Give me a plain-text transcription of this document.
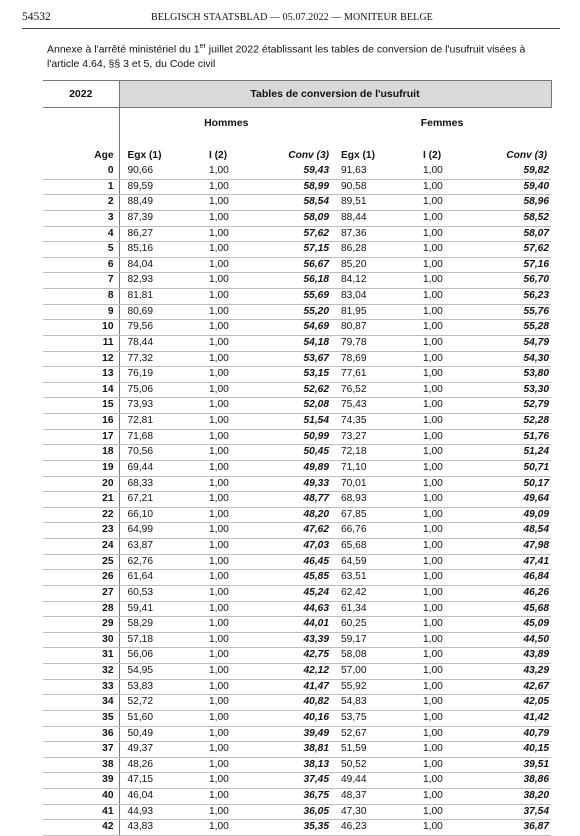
54532	BELGISCH STAATSBLAD — 05.07.2022 — MONITEUR BELGE
Annexe à l'arrêté ministériel du 1er juillet 2022 établissant les tables de conversion de l'usufruit visées à l'article 4.64, §§ 3 et 5, du Code civil
2022	Tables de conversion de l'usufruit					
	Hommes			Femmes		

Age	Egx (1)	I (2)	Conv (3)	Egx (1)	I (2)	Conv (3)
0	90,66	1,00	59,43	91,63	1,00	59,82
1	89,59	1,00	58,99	90,58	1,00	59,40
2	88,49	1,00	58,54	89,51	1,00	58,96
3	87,39	1,00	58,09	88,44	1,00	58,52
4	86,27	1,00	57,62	87,36	1,00	58,07
5	85,16	1,00	57,15	86,28	1,00	57,62
6	84,04	1,00	56,67	85,20	1,00	57,16
7	82,93	1,00	56,18	84,12	1,00	56,70
8	81,81	1,00	55,69	83,04	1,00	56,23
9	80,69	1,00	55,20	81,95	1,00	55,76
10	79,56	1,00	54,69	80,87	1,00	55,28
11	78,44	1,00	54,18	79,78	1,00	54,79
12	77,32	1,00	53,67	78,69	1,00	54,30
13	76,19	1,00	53,15	77,61	1,00	53,80
14	75,06	1,00	52,62	76,52	1,00	53,30
15	73,93	1,00	52,08	75,43	1,00	52,79
16	72,81	1,00	51,54	74,35	1,00	52,28
17	71,68	1,00	50,99	73,27	1,00	51,76
18	70,56	1,00	50,45	72,18	1,00	51,24
19	69,44	1,00	49,89	71,10	1,00	50,71
20	68,33	1,00	49,33	70,01	1,00	50,17
21	67,21	1,00	48,77	68,93	1,00	49,64
22	66,10	1,00	48,20	67,85	1,00	49,09
23	64,99	1,00	47,62	66,76	1,00	48,54
24	63,87	1,00	47,03	65,68	1,00	47,98
25	62,76	1,00	46,45	64,59	1,00	47,41
26	61,64	1,00	45,85	63,51	1,00	46,84
27	60,53	1,00	45,24	62,42	1,00	46,26
28	59,41	1,00	44,63	61,34	1,00	45,68
29	58,29	1,00	44,01	60,25	1,00	45,09
30	57,18	1,00	43,39	59,17	1,00	44,50
31	56,06	1,00	42,75	58,08	1,00	43,89
32	54,95	1,00	42,12	57,00	1,00	43,29
33	53,83	1,00	41,47	55,92	1,00	42,67
34	52,72	1,00	40,82	54,83	1,00	42,05
35	51,60	1,00	40,16	53,75	1,00	41,42
36	50,49	1,00	39,49	52,67	1,00	40,79
37	49,37	1,00	38,81	51,59	1,00	40,15
38	48,26	1,00	38,13	50,52	1,00	39,51
39	47,15	1,00	37,45	49,44	1,00	38,86
40	46,04	1,00	36,75	48,37	1,00	38,20
41	44,93	1,00	36,05	47,30	1,00	37,54
42	43,83	1,00	35,35	46,23	1,00	36,87
